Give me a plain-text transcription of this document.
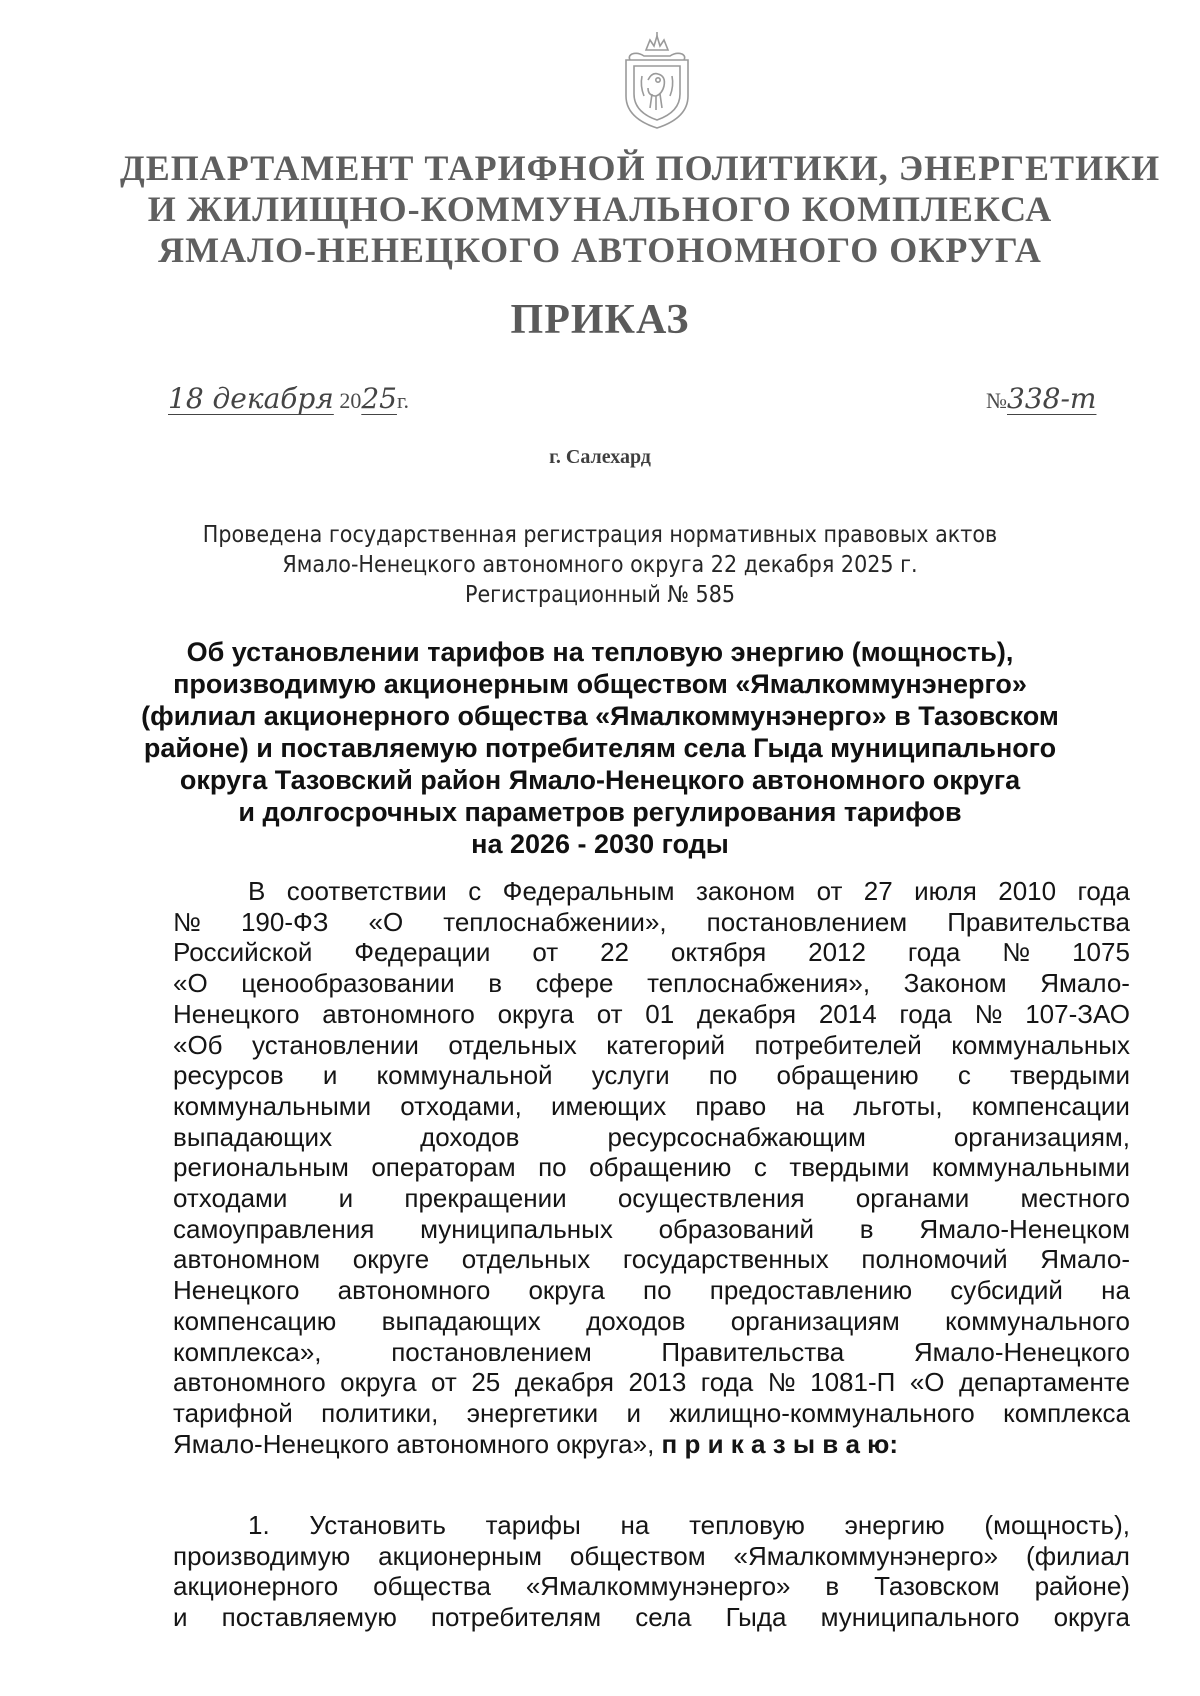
ДЕПАРТАМЕНТ ТАРИФНОЙ ПОЛИТИКИ, ЭНЕРГЕТИКИ
И ЖИЛИЩНО-КОММУНАЛЬНОГО КОМПЛЕКСА
ЯМАЛО-НЕНЕЦКОГО АВТОНОМНОГО ОКРУГА
ПРИКАЗ
18 декабря 2025г.	№338-т
г. Салехард
Проведена государственная регистрация нормативных правовых актов
Ямало-Ненецкого автономного округа 22 декабря 2025 г.
Регистрационный № 585
Об установлении тарифов на тепловую энергию (мощность),
производимую акционерным обществом «Ямалкоммунэнерго»
(филиал акционерного общества «Ямалкоммунэнерго» в Тазовском
районе) и поставляемую потребителям села Гыда муниципального
округа Тазовский район Ямало-Ненецкого автономного округа
и долгосрочных параметров регулирования тарифов
на 2026 - 2030 годы
В соответствии с Федеральным законом от 27 июля 2010 года
№ 190-ФЗ «О теплоснабжении», постановлением Правительства
Российской Федерации от 22 октября 2012 года № 1075
«О ценообразовании в сфере теплоснабжения», Законом Ямало-
Ненецкого автономного округа от 01 декабря 2014 года № 107-ЗАО
«Об установлении отдельных категорий потребителей коммунальных
ресурсов и коммунальной услуги по обращению с твердыми
коммунальными отходами, имеющих право на льготы, компенсации
выпадающих	доходов	ресурсоснабжающим	организациям,
региональным операторам по обращению с твердыми коммунальными
отходами и прекращении осуществления органами местного
самоуправления муниципальных образований в Ямало-Ненецком
автономном округе отдельных государственных полномочий Ямало-
Ненецкого автономного округа по предоставлению субсидий на
компенсацию выпадающих доходов организациям коммунального
комплекса»,	постановлением	Правительства	Ямало-Ненецкого
автономного округа от 25 декабря 2013 года № 1081-П «О департаменте
тарифной политики, энергетики и жилищно-коммунального комплекса
Ямало-Ненецкого автономного округа»,
п р и к а з ы в а ю:
1. Установить тарифы на тепловую энергию (мощность),
производимую акционерным обществом «Ямалкоммунэнерго» (филиал
акционерного общества «Ямалкоммунэнерго» в Тазовском районе)
и поставляемую потребителям села Гыда муниципального округа
